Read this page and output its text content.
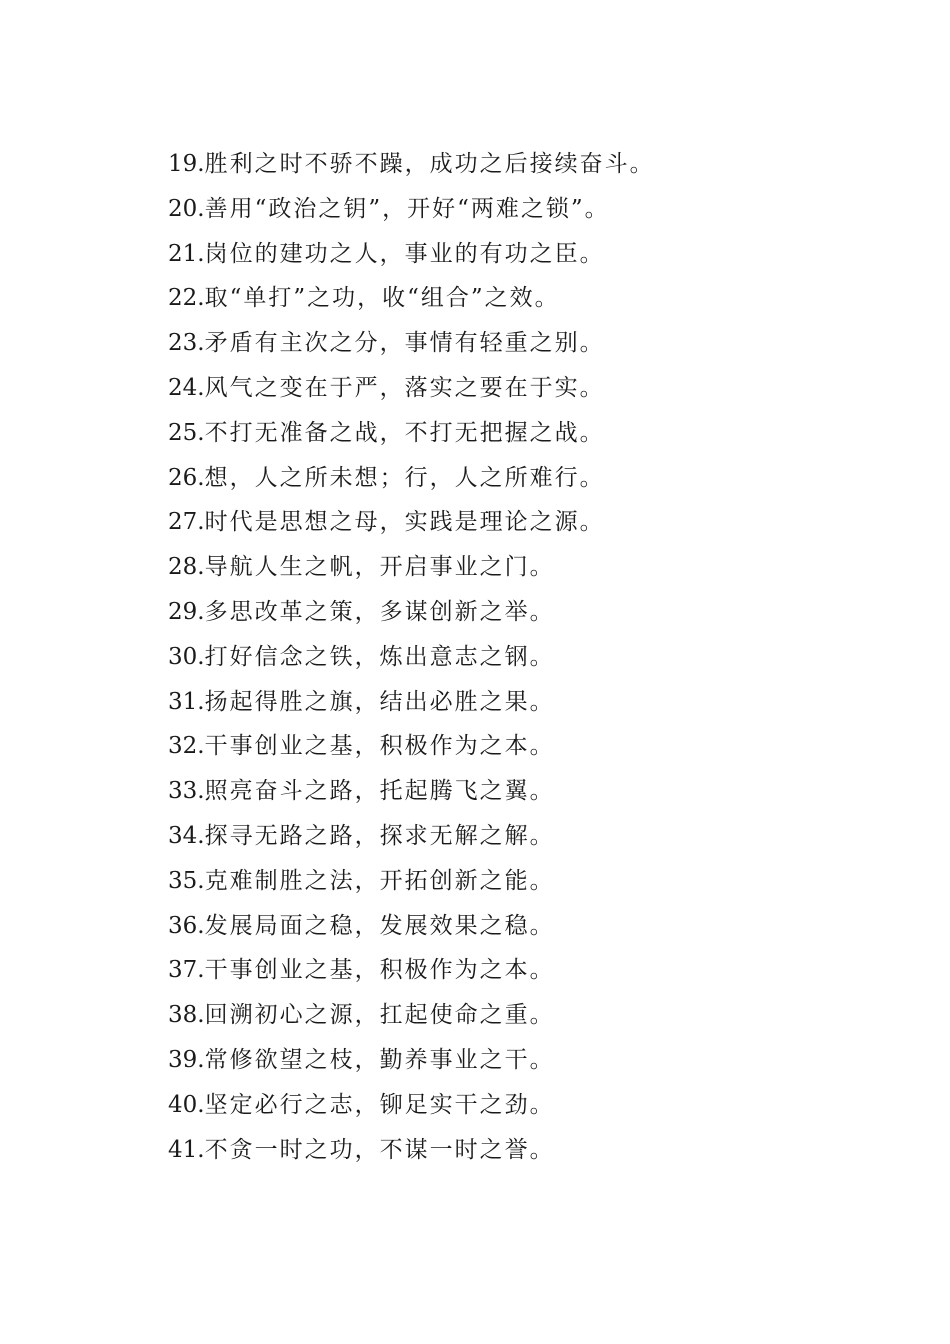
19.胜利之时不骄不躁，成功之后接续奋斗。
20.善用“政治之钥”，开好“两难之锁”。
21.岗位的建功之人，事业的有功之臣。
22.取“单打”之功，收“组合”之效。
23.矛盾有主次之分，事情有轻重之别。
24.风气之变在于严，落实之要在于实。
25.不打无准备之战，不打无把握之战。
26.想，人之所未想；行，人之所难行。
27.时代是思想之母，实践是理论之源。
28.导航人生之帆，开启事业之门。
29.多思改革之策，多谋创新之举。
30.打好信念之铁，炼出意志之钢。
31.扬起得胜之旗，结出必胜之果。
32.干事创业之基，积极作为之本。
33.照亮奋斗之路，托起腾飞之翼。
34.探寻无路之路，探求无解之解。
35.克难制胜之法，开拓创新之能。
36.发展局面之稳，发展效果之稳。
37.干事创业之基，积极作为之本。
38.回溯初心之源，扛起使命之重。
39.常修欲望之枝，勤养事业之干。
40.坚定必行之志，铆足实干之劲。
41.不贪一时之功，不谋一时之誉。
